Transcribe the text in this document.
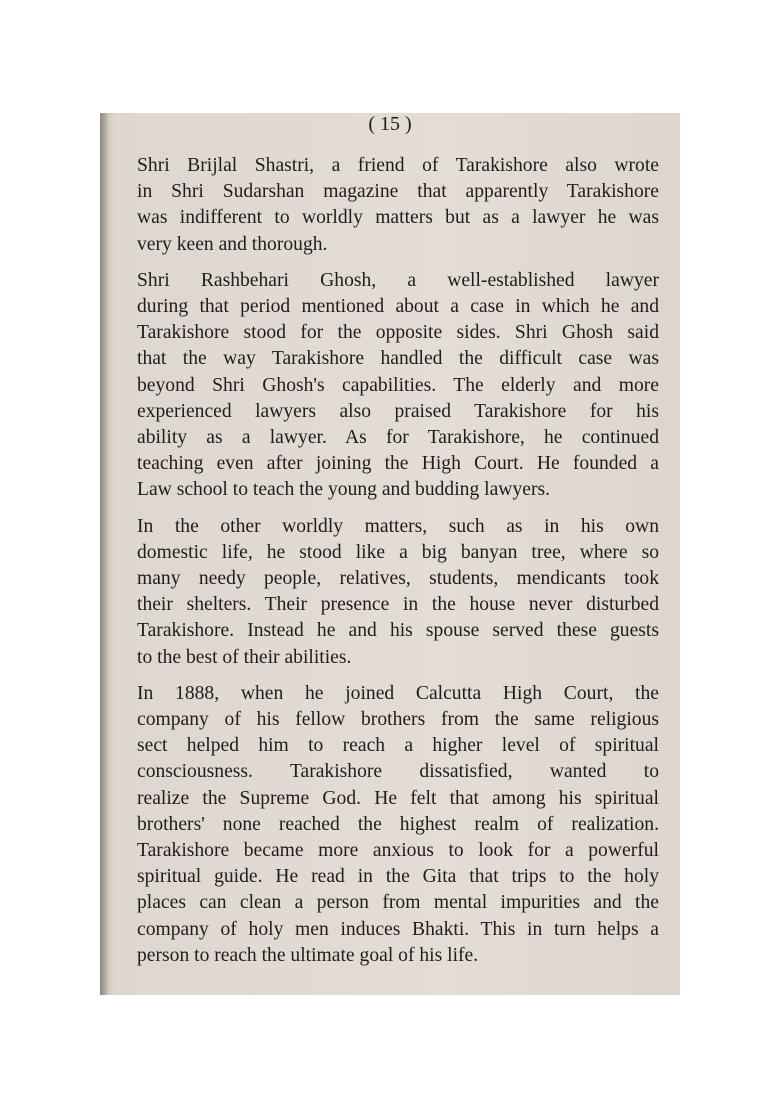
( 15 )

Shri Brijlal Shastri, a friend of Tarakishore also wrote
in Shri Sudarshan magazine that apparently Tarakishore
was indifferent to worldly matters but as a lawyer he was
very keen and thorough.

Shri Rashbehari Ghosh, a well-established lawyer
during that period mentioned about a case in which he and
Tarakishore stood for the opposite sides. Shri Ghosh said
that the way Tarakishore handled the difficult case was
beyond Shri Ghosh's capabilities. The elderly and more
experienced lawyers also praised Tarakishore for his
ability as a lawyer. As for Tarakishore, he continued
teaching even after joining the High Court. He founded a
Law school to teach the young and budding lawyers.

In the other worldly matters, such as in his own
domestic life, he stood like a big banyan tree, where so
many needy people, relatives, students, mendicants took
their shelters. Their presence in the house never disturbed
Tarakishore. Instead he and his spouse served these guests
to the best of their abilities.

In 1888, when he joined Calcutta High Court, the
company of his fellow brothers from the same religious
sect helped him to reach a higher level of spiritual
consciousness. Tarakishore dissatisfied, wanted to
realize the Supreme God. He felt that among his spiritual
brothers' none reached the highest realm of realization.
Tarakishore became more anxious to look for a powerful
spiritual guide. He read in the Gita that trips to the holy
places can clean a person from mental impurities and the
company of holy men induces Bhakti. This in turn helps a
person to reach the ultimate goal of his life.
